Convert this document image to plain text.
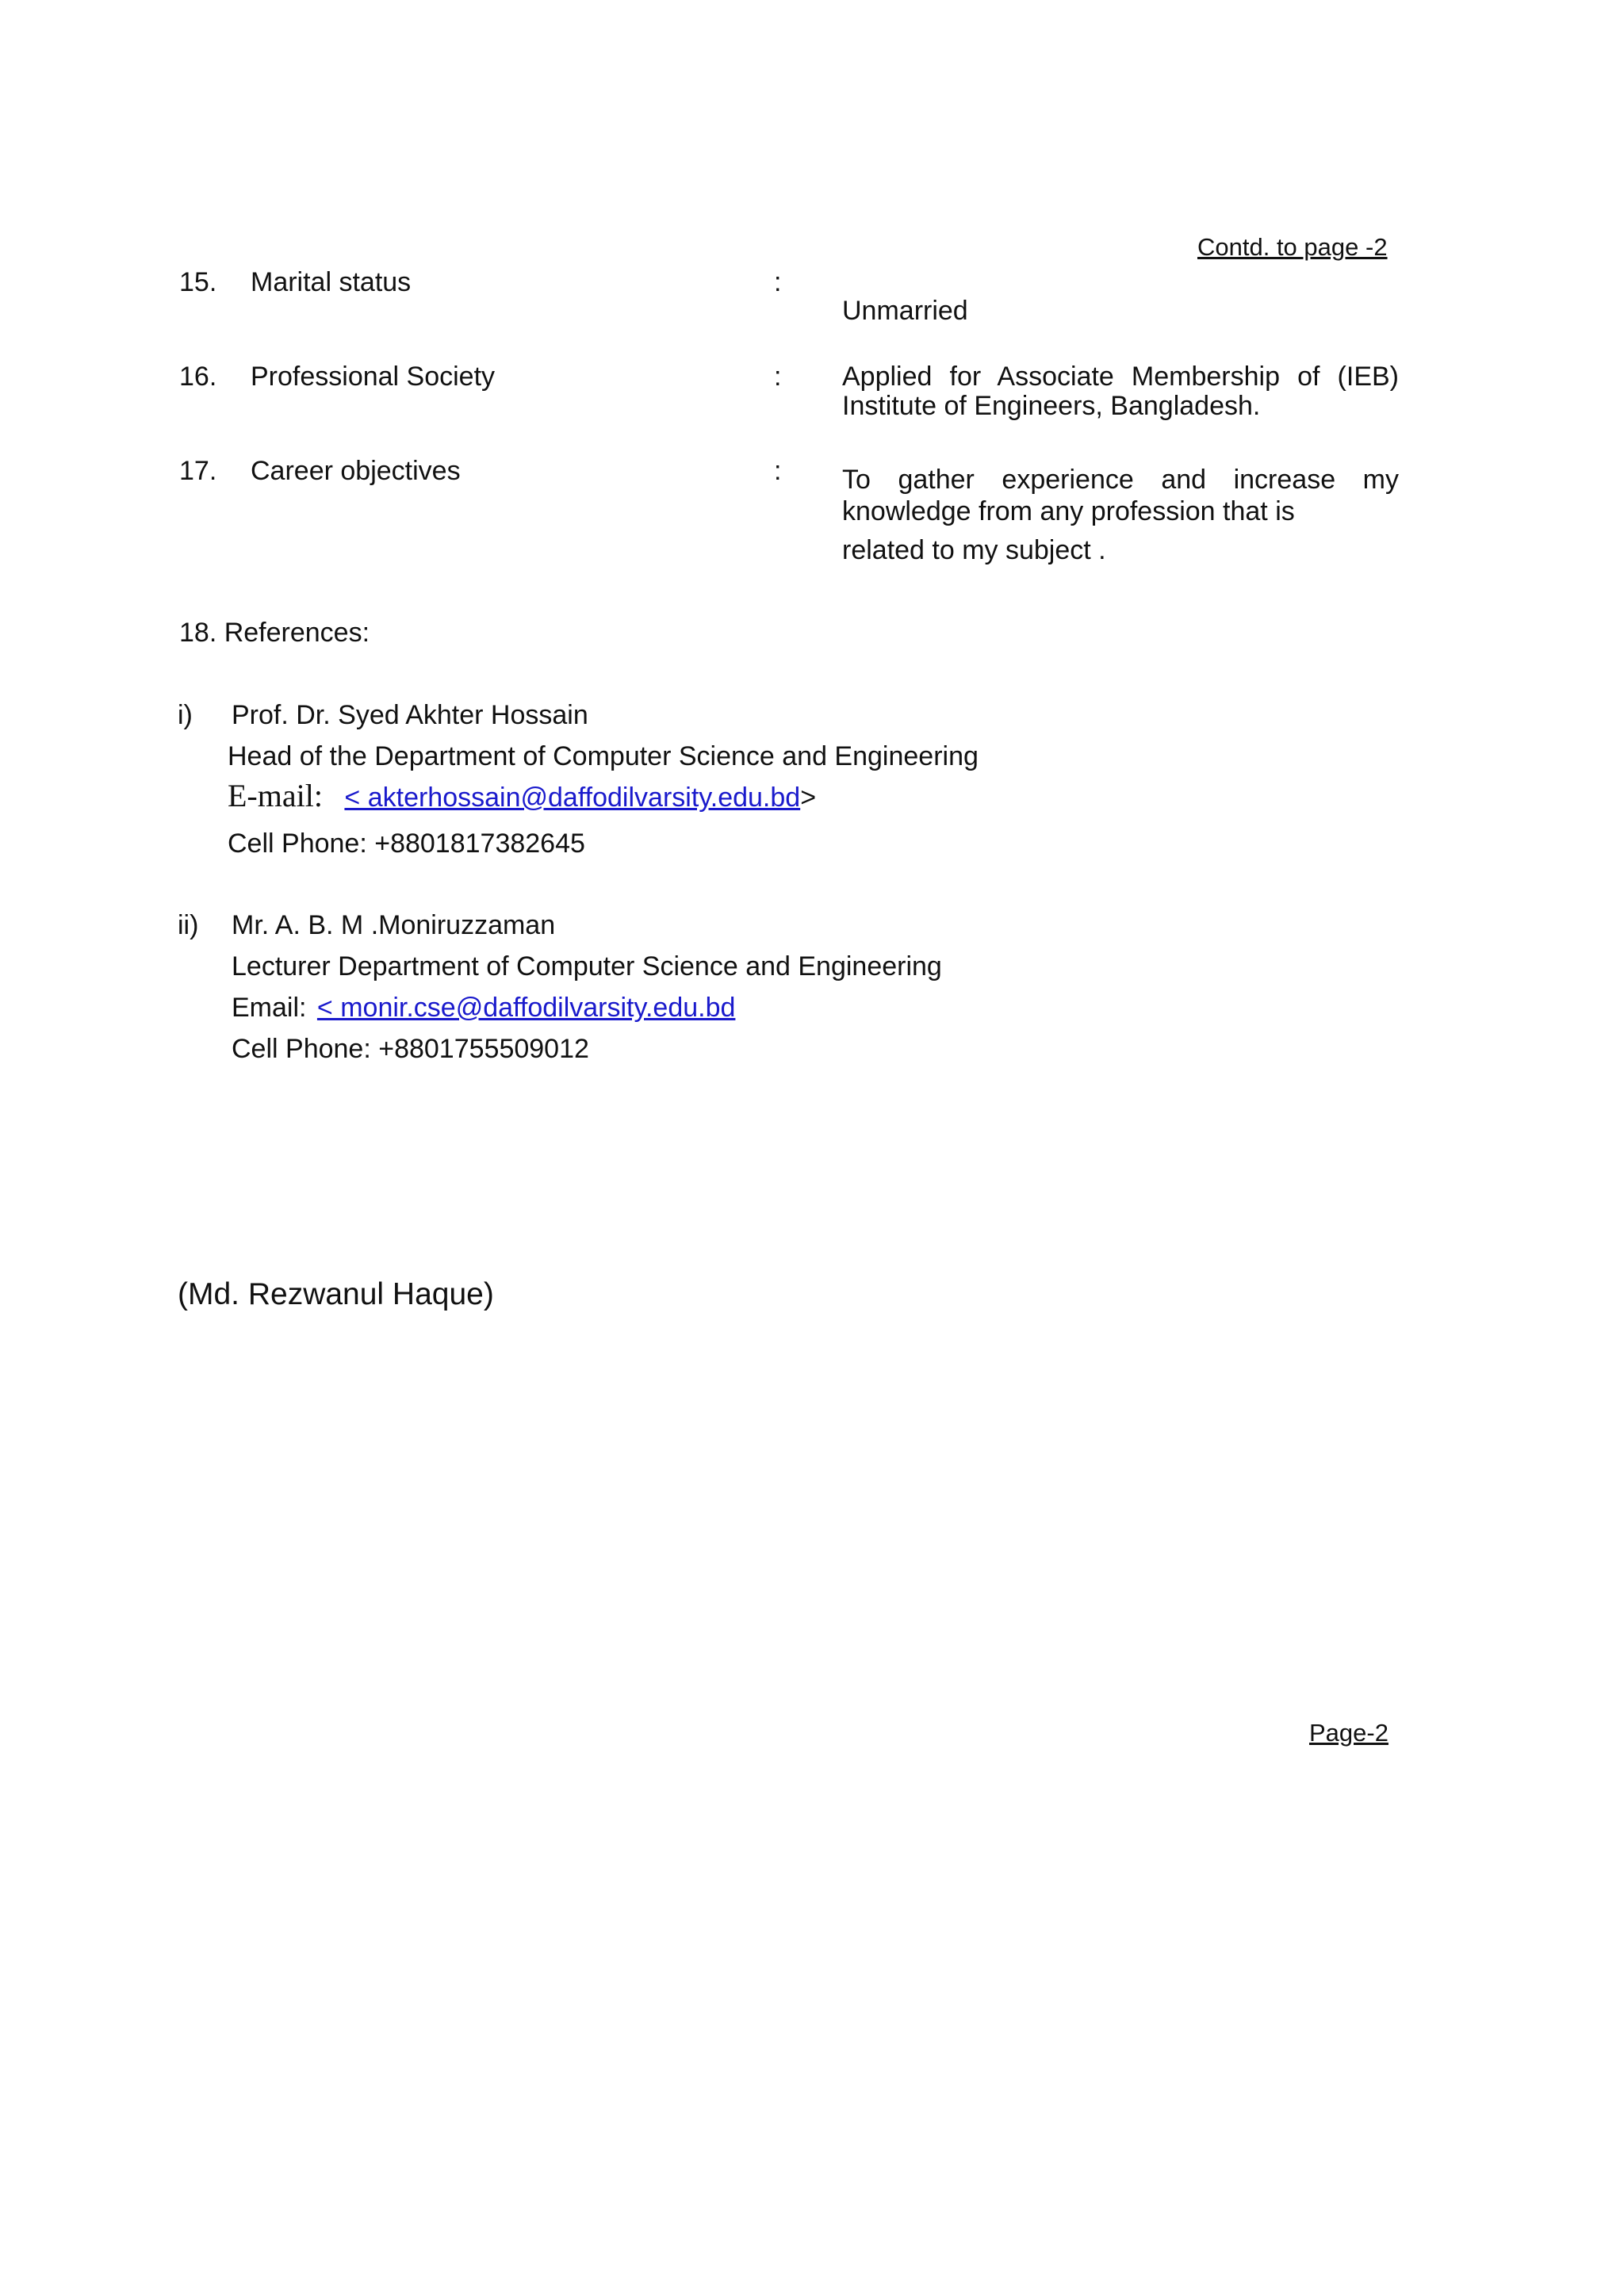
Contd. to page -2
15. Marital status	:
Unmarried
16. Professional Society	: Applied for Associate Membership of (IEB)
Institute of Engineers, Bangladesh.
17. Career objectives	: To gather experience and increase my
knowledge from any profession that is
related to my subject .
18. References:
i) Prof. Dr. Syed Akhter Hossain
Head of the Department of Computer Science and Engineering
E-mail: < akterhossain@daffodilvarsity.edu.bd>
Cell Phone: +8801817382645
ii) Mr. A. B. M .Moniruzzaman
Lecturer Department of Computer Science and Engineering
Email: < monir.cse@daffodilvarsity.edu.bd
Cell Phone: +8801755509012
(Md. Rezwanul Haque)
Page-2
